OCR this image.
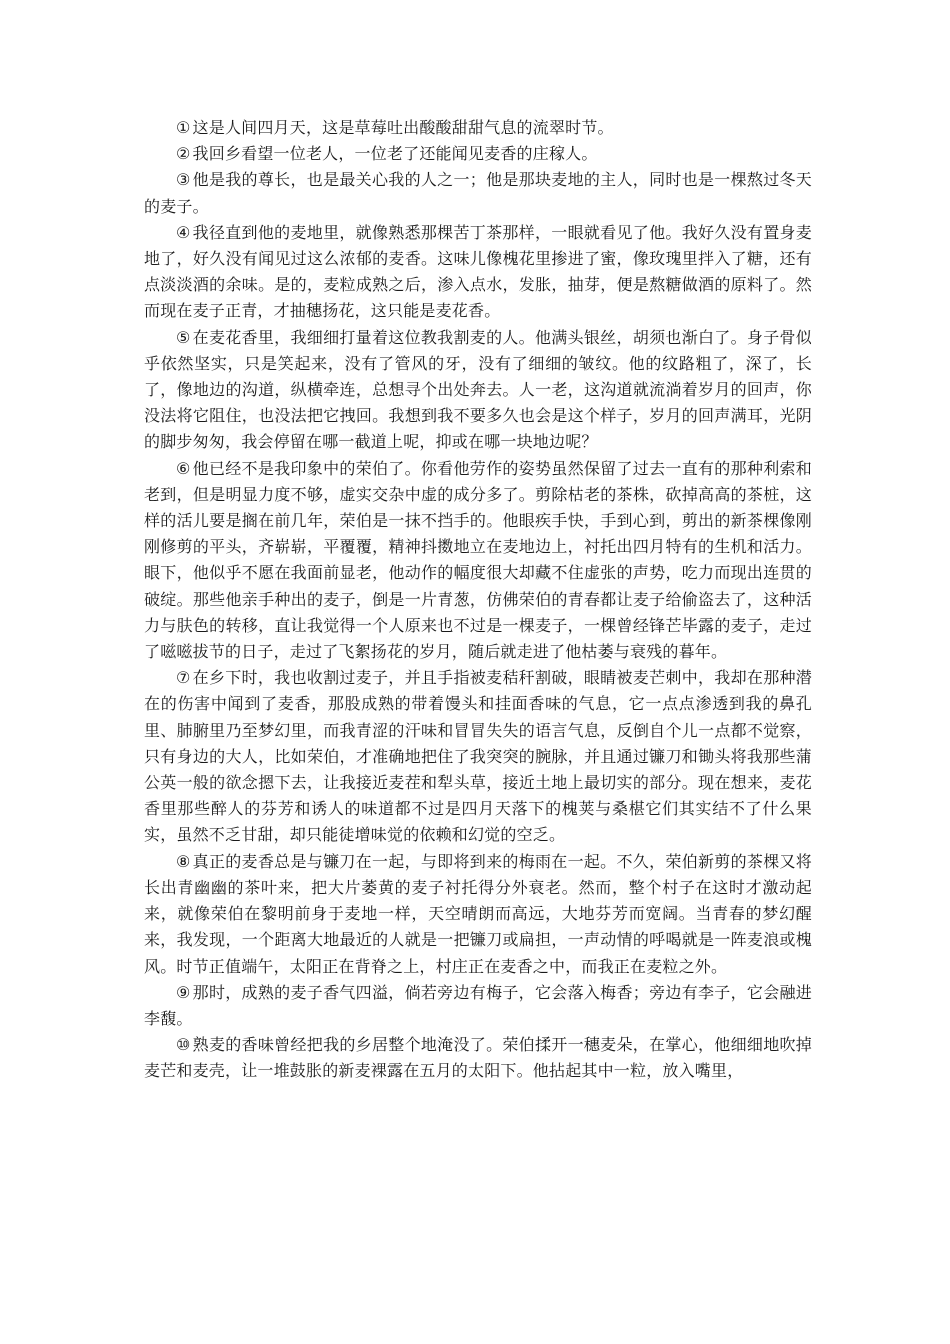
① 这是人间四月天，这是草莓吐出酸酸甜甜气息的流翠时节。

② 我回乡看望一位老人，一位老了还能闻见麦香的庄稼人。

③ 他是我的尊长，也是最关心我的人之一；他是那块麦地的主人，同时也是一棵熬过冬天的麦子。

④ 我径直到他的麦地里，就像熟悉那棵苦丁茶那样，一眼就看见了他。我好久没有置身麦地了，好久没有闻见过这么浓郁的麦香。这味儿像槐花里掺进了蜜，像玫瑰里拌入了糖，还有点淡淡酒的余味。是的，麦粒成熟之后，渗入点水，发胀，抽芽，便是熬糖做酒的原料了。然而现在麦子正青，才抽穗扬花，这只能是麦花香。

⑤ 在麦花香里，我细细打量着这位教我割麦的人。他满头银丝，胡须也渐白了。身子骨似乎依然坚实，只是笑起来，没有了管风的牙，没有了细细的皱纹。他的纹路粗了，深了，长了，像地边的沟道，纵横牵连，总想寻个出处奔去。人一老，这沟道就流淌着岁月的回声，你没法将它阻住，也没法把它拽回。我想到我不要多久也会是这个样子，岁月的回声满耳，光阴的脚步匆匆，我会停留在哪一截道上呢，抑或在哪一块地边呢？

⑥ 他已经不是我印象中的荣伯了。你看他劳作的姿势虽然保留了过去一直有的那种利索和老到，但是明显力度不够，虚实交杂中虚的成分多了。剪除枯老的茶株，砍掉高高的茶桩，这样的活儿要是搁在前几年，荣伯是一抹不挡手的。他眼疾手快，手到心到，剪出的新茶棵像刚刚修剪的平头，齐崭崭，平覆覆，精神抖擞地立在麦地边上，衬托出四月特有的生机和活力。眼下，他似乎不愿在我面前显老，他动作的幅度很大却藏不住虚张的声势，吃力而现出连贯的破绽。那些他亲手种出的麦子，倒是一片青葱，仿佛荣伯的青春都让麦子给偷盗去了，这种活力与肤色的转移，直让我觉得一个人原来也不过是一棵麦子，一棵曾经锋芒毕露的麦子，走过了嗞嗞拔节的日子，走过了飞絮扬花的岁月，随后就走进了他枯萎与衰残的暮年。

⑦ 在乡下时，我也收割过麦子，并且手指被麦秸秆割破，眼睛被麦芒刺中，我却在那种潜在的伤害中闻到了麦香，那股成熟的带着馒头和挂面香味的气息，它一点点渗透到我的鼻孔里、肺腑里乃至梦幻里，而我青涩的汗味和冒冒失失的语言气息，反倒自个儿一点都不觉察，只有身边的大人，比如荣伯，才准确地把住了我突突的腕脉，并且通过镰刀和锄头将我那些蒲公英一般的欲念摁下去，让我接近麦茬和犁头草，接近土地上最切实的部分。现在想来，麦花香里那些醉人的芬芳和诱人的味道都不过是四月天落下的槐荚与桑椹它们其实结不了什么果实，虽然不乏甘甜，却只能徒增味觉的依赖和幻觉的空乏。

⑧ 真正的麦香总是与镰刀在一起，与即将到来的梅雨在一起。不久，荣伯新剪的茶棵又将长出青幽幽的茶叶来，把大片萎黄的麦子衬托得分外衰老。然而，整个村子在这时才激动起来，就像荣伯在黎明前身于麦地一样，天空晴朗而高远，大地芬芳而宽阔。当青春的梦幻醒来，我发现，一个距离大地最近的人就是一把镰刀或扁担，一声动情的呼喝就是一阵麦浪或槐风。时节正值端午，太阳正在背脊之上，村庄正在麦香之中，而我正在麦粒之外。

⑨ 那时，成熟的麦子香气四溢，倘若旁边有梅子，它会落入梅香；旁边有李子，它会融进李馥。

⑩ 熟麦的香味曾经把我的乡居整个地淹没了。荣伯揉开一穗麦朵，在掌心，他细细地吹掉麦芒和麦壳，让一堆鼓胀的新麦裸露在五月的太阳下。他拈起其中一粒，放入嘴里，
